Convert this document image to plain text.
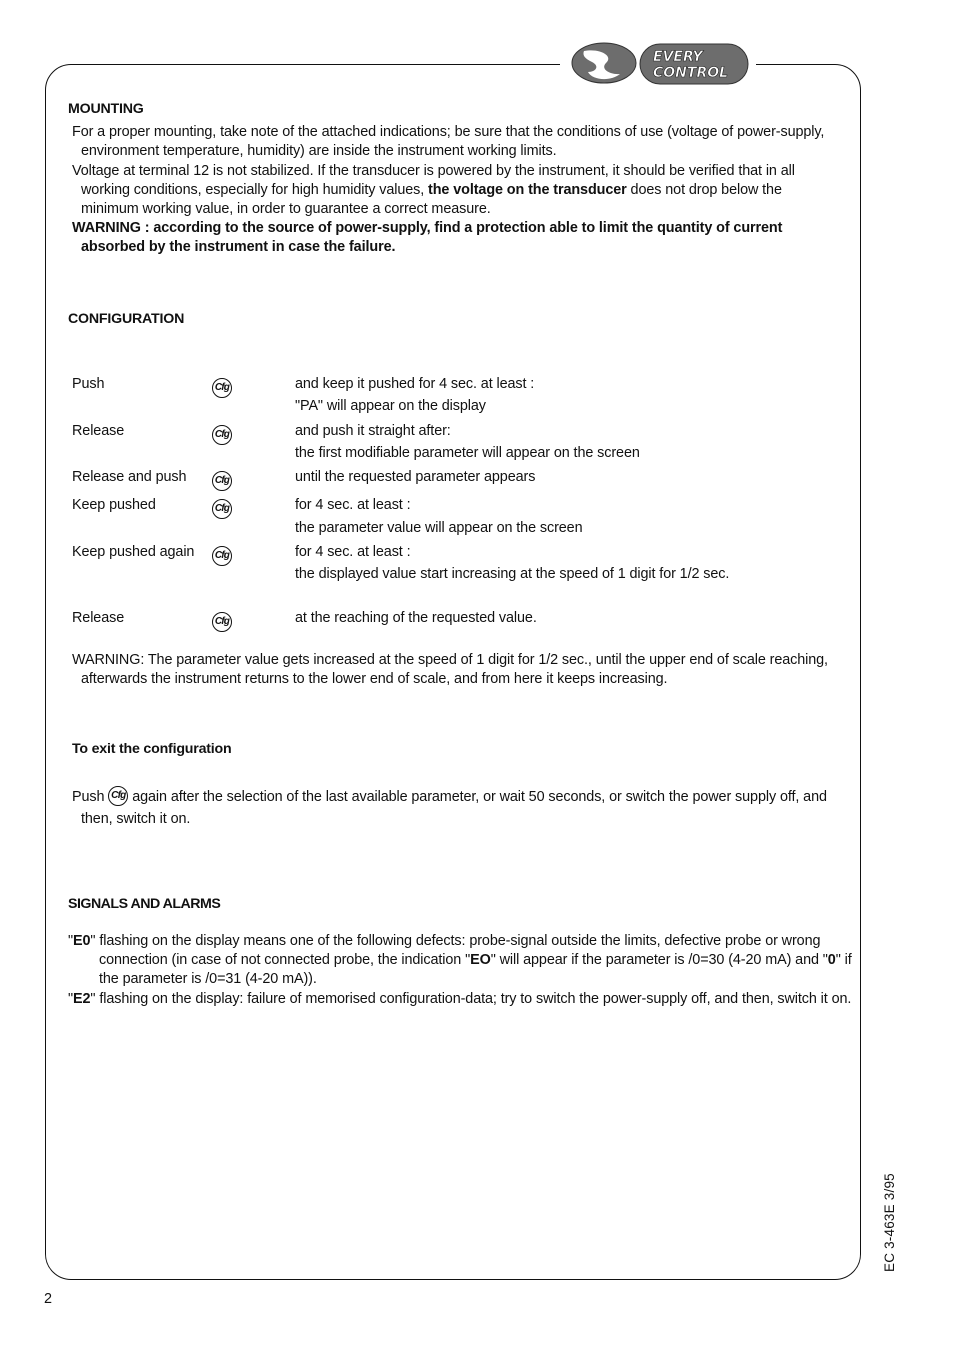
EVERY
CONTROL
MOUNTING
For a proper mounting, take note of the attached indications; be sure that the conditions of use (voltage of power-supply, environment temperature, humidity) are inside the instrument working limits.
Voltage at terminal 12 is not stabilized. If the transducer is powered by the instrument, it should be verified that in all working conditions, especially for high humidity values, the voltage on the transducer does not drop below the minimum working value, in order to guarantee a correct measure.
WARNING : according to the source of power-supply, find a protection able to limit the quantity of current absorbed by the instrument in case the failure.
CONFIGURATION
Push	Cfg	and keep it pushed for 4 sec. at least :
"PA" will appear on the display
Release	Cfg	and push it straight after:
the first modifiable parameter will appear on the screen
Release and push	Cfg	until the requested parameter appears
Keep pushed	Cfg	for 4 sec. at least :
the parameter value will appear on the screen
Keep pushed again Cfg	for 4 sec. at least :
the displayed value start increasing at the speed of 1 digit for 1/2 sec.
Release	Cfg	at the reaching of the requested value.
WARNING: The parameter value gets increased at the speed of 1 digit for 1/2 sec., until the upper end of scale reaching, afterwards the instrument returns to the lower end of scale, and from here it keeps increasing.
To exit the configuration
Push Cfg again after the selection of the last available parameter, or wait 50 seconds, or switch the power supply off, and then, switch it on.
SIGNALS AND ALARMS
"E0" flashing on the display means one of the following defects: probe-signal outside the limits, defective probe or wrong connection (in case of not connected probe, the indication "EO" will appear if the parameter is /0=30 (4-20 mA) and "0" if the parameter is /0=31 (4-20 mA)).
"E2" flashing on the display: failure of memorised configuration-data; try to switch the power-supply off, and then, switch it on.
2
EC 3-463E 3/95
